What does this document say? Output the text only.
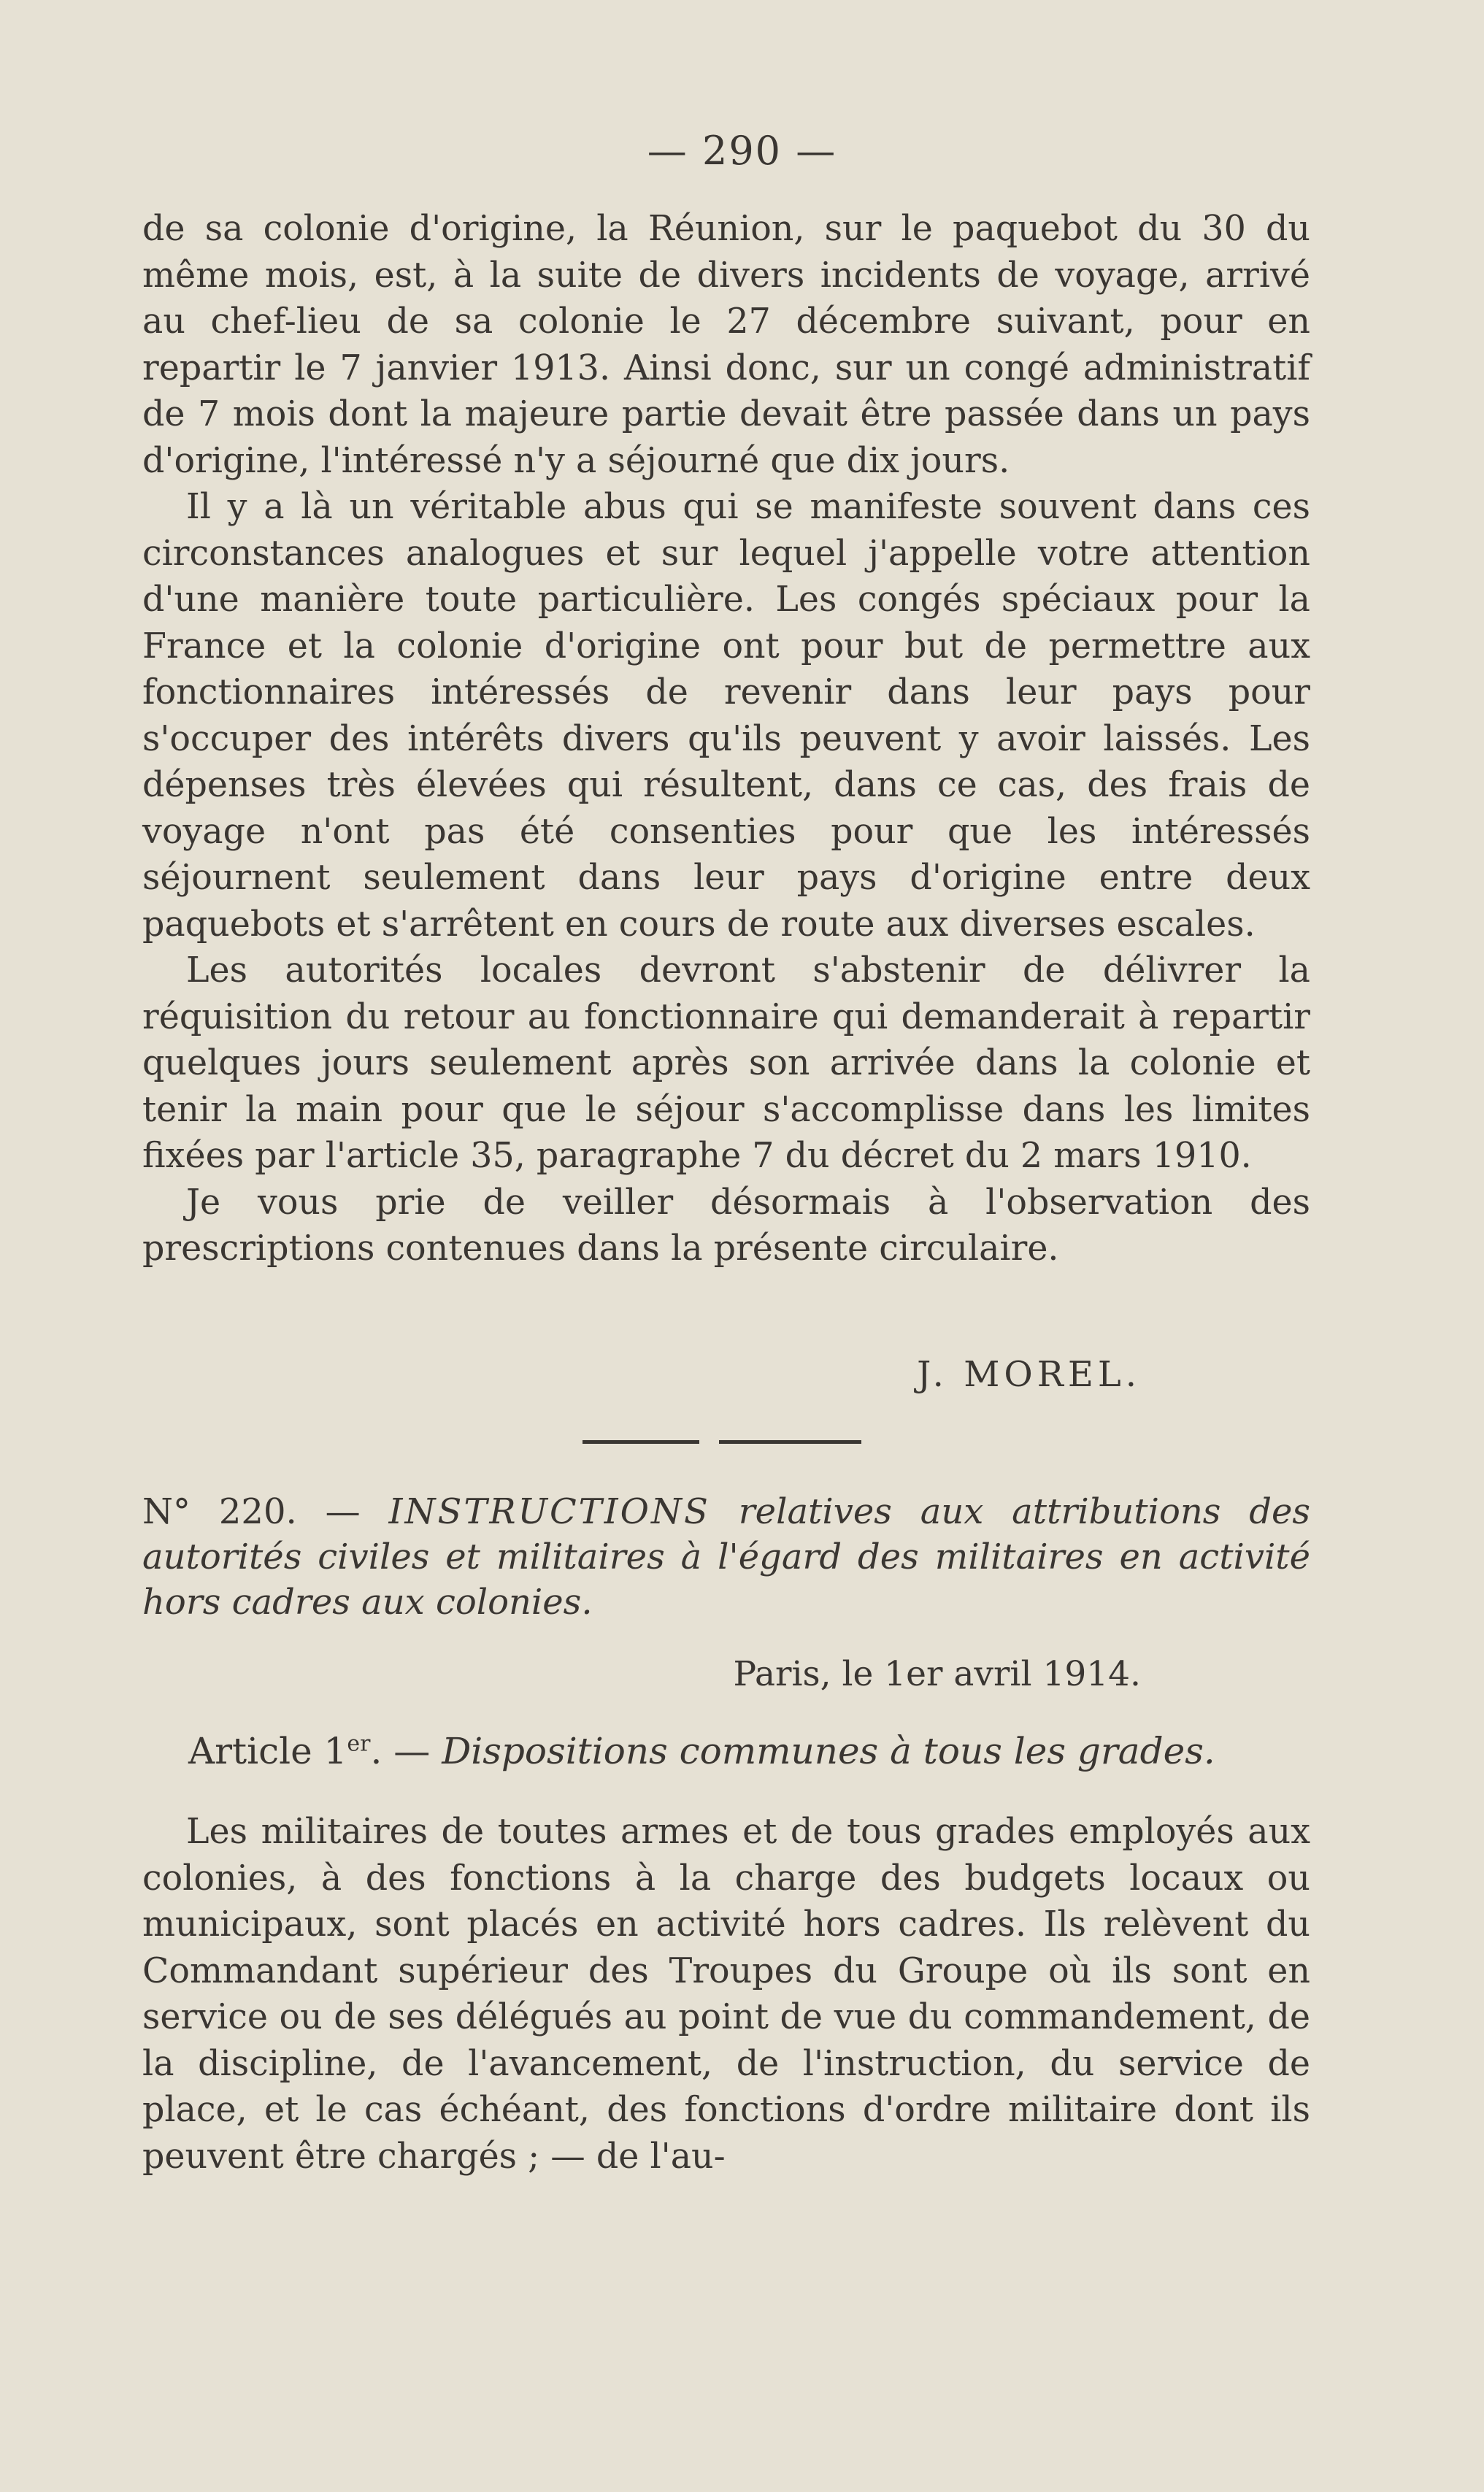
— 290 —

de sa colonie d'origine, la Réunion, sur le paquebot du 30 du même mois, est, à la suite de divers incidents de voyage, arrivé au chef-lieu de sa colonie le 27 décembre suivant, pour en repartir le 7 janvier 1913. Ainsi donc, sur un congé administratif de 7 mois dont la majeure partie devait être passée dans un pays d'origine, l'intéressé n'y a séjourné que dix jours.

Il y a là un véritable abus qui se manifeste souvent dans ces circonstances analogues et sur lequel j'appelle votre attention d'une manière toute particulière. Les congés spéciaux pour la France et la colonie d'origine ont pour but de permettre aux fonctionnaires intéressés de revenir dans leur pays pour s'occuper des intérêts divers qu'ils peuvent y avoir laissés. Les dépenses très élevées qui résultent, dans ce cas, des frais de voyage n'ont pas été consenties pour que les intéressés séjournent seulement dans leur pays d'origine entre deux paquebots et s'arrêtent en cours de route aux diverses escales.

Les autorités locales devront s'abstenir de délivrer la réquisition du retour au fonctionnaire qui demanderait à repartir quelques jours seulement après son arrivée dans la colonie et tenir la main pour que le séjour s'accomplisse dans les limites fixées par l'article 35, paragraphe 7 du décret du 2 mars 1910.

Je vous prie de veiller désormais à l'observation des prescriptions contenues dans la présente circulaire.

J. MOREL.
N° 220. — INSTRUCTIONS relatives aux attributions des autorités civiles et militaires à l'égard des militaires en activité hors cadres aux colonies.
Paris, le 1er avril 1914.
Article 1er. — Dispositions communes à tous les grades.

Les militaires de toutes armes et de tous grades employés aux colonies, à des fonctions à la charge des budgets locaux ou municipaux, sont placés en activité hors cadres. Ils relèvent du Commandant supérieur des Troupes du Groupe où ils sont en service ou de ses délégués au point de vue du commandement, de la discipline, de l'avancement, de l'instruction, du service de place, et le cas échéant, des fonctions d'ordre militaire dont ils peuvent être chargés ; — de l'au-
